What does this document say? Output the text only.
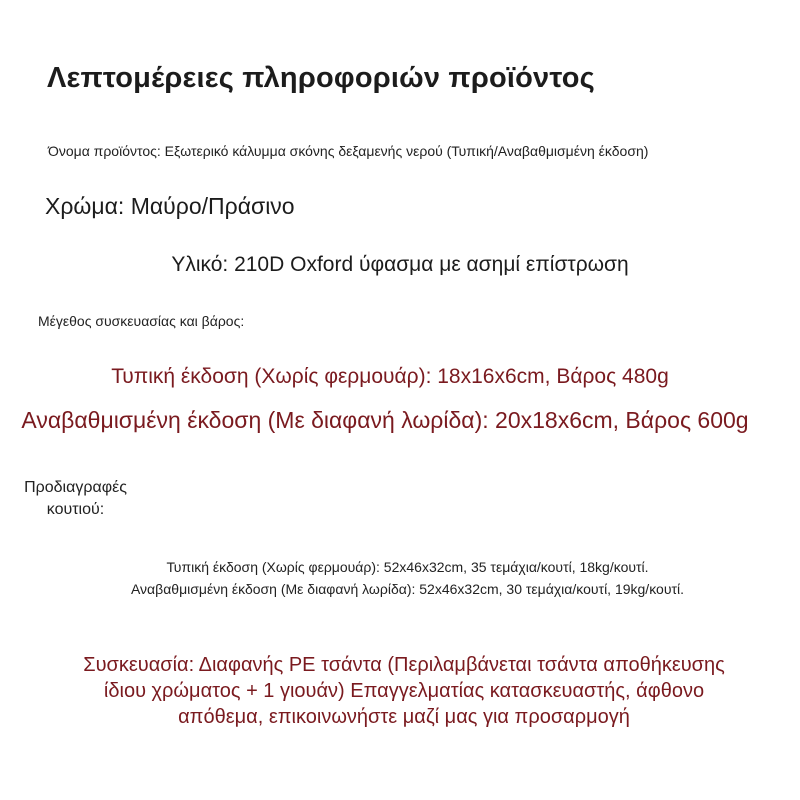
Λεπτομέρειες πληροφοριών προϊόντος

Όνομα προϊόντος: Εξωτερικό κάλυμμα σκόνης δεξαμενής νερού (Τυπική/Αναβαθμισμένη έκδοση)

Χρώμα: Μαύρο/Πράσινο

Υλικό: 210D Oxford ύφασμα με ασημί επίστρωση

Μέγεθος συσκευασίας και βάρος:

Τυπική έκδοση (Χωρίς φερμουάρ): 18x16x6cm, Βάρος 480g

Αναβαθμισμένη έκδοση (Με διαφανή λωρίδα): 20x18x6cm, Βάρος 600g

Προδιαγραφές κουτιού:

Τυπική έκδοση (Χωρίς φερμουάρ): 52x46x32cm, 35 τεμάχια/κουτί, 18kg/κουτί.

Αναβαθμισμένη έκδοση (Με διαφανή λωρίδα): 52x46x32cm, 30 τεμάχια/κουτί, 19kg/κουτί.

Συσκευασία: Διαφανής PE τσάντα (Περιλαμβάνεται τσάντα αποθήκευσης
ίδιου χρώματος + 1 γιουάν) Επαγγελματίας κατασκευαστής, άφθονο
απόθεμα, επικοινωνήστε μαζί μας για προσαρμογή
